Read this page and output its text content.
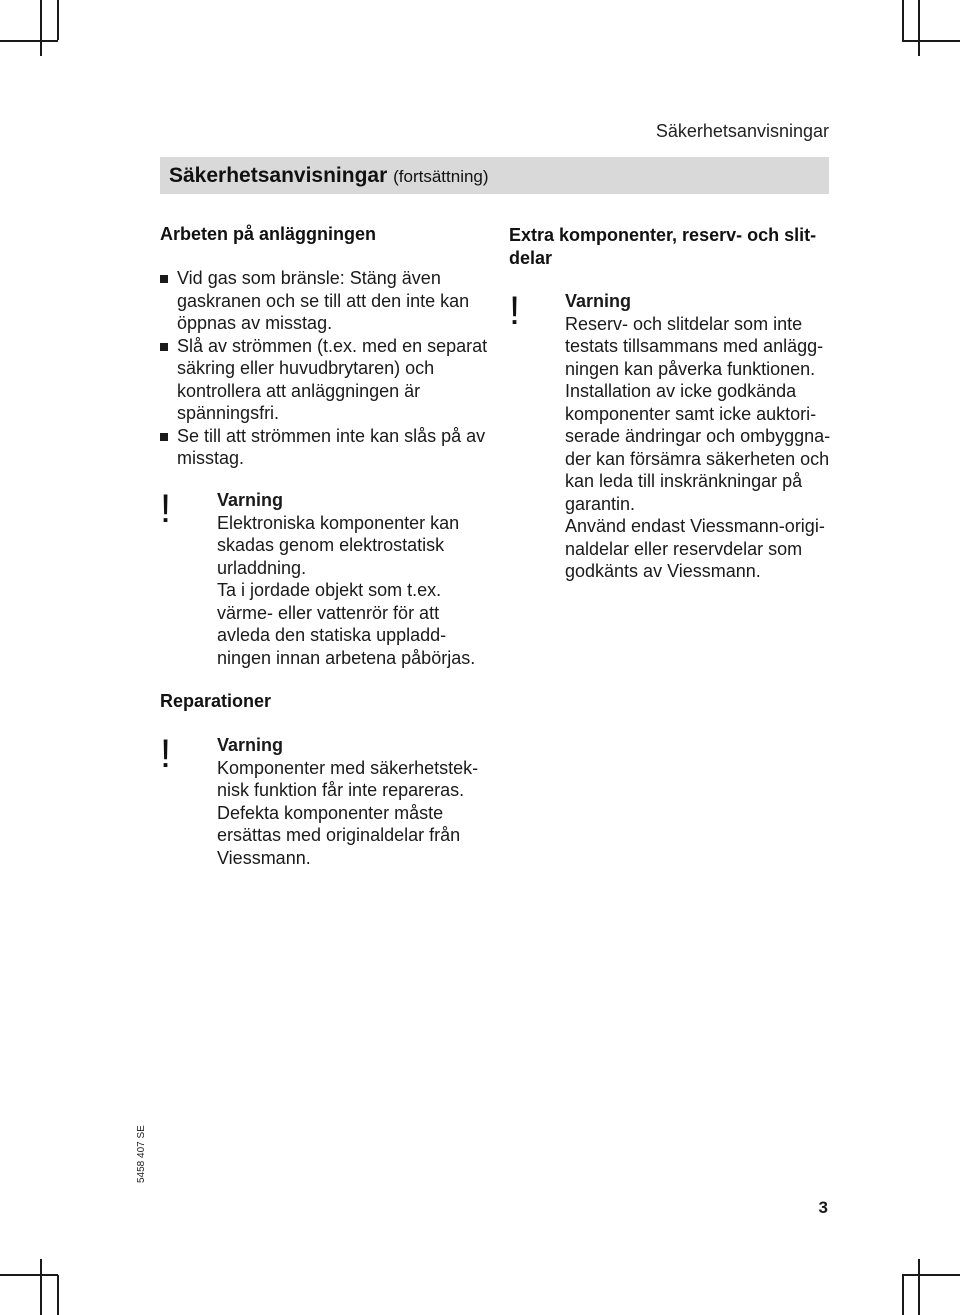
Säkerhetsanvisningar
Säkerhetsanvisningar (fortsättning)
Arbeten på anläggningen
Vid gas som bränsle: Stäng även gaskranen och se till att den inte kan öppnas av misstag.
Slå av strömmen (t.ex. med en separat säkring eller huvudbrytaren) och kontrollera att anläggningen är spänningsfri.
Se till att strömmen inte kan slås på av misstag.
!	Varning
Elektroniska komponenter kan
skadas genom elektrostatisk
urladdning.
Ta i jordade objekt som t.ex.
värme- eller vattenrör för att
avleda den statiska uppladd-
ningen innan arbetena påbörjas.
Reparationer
!	Varning
Komponenter med säkerhetstek-
nisk funktion får inte repareras.
Defekta komponenter måste
ersättas med originaldelar från
Viessmann.
Extra komponenter, reserv- och slit-
delar
! Varning
Reserv- och slitdelar som inte
testats tillsammans med anlägg-
ningen kan påverka funktionen.
Installation av icke godkända
komponenter samt icke auktori-
serade ändringar och ombyggna-
der kan försämra säkerheten och
kan leda till inskränkningar på
garantin.
Använd endast Viessmann-origi-
naldelar eller reservdelar som
godkänts av Viessmann.
5458 407 SE
3
